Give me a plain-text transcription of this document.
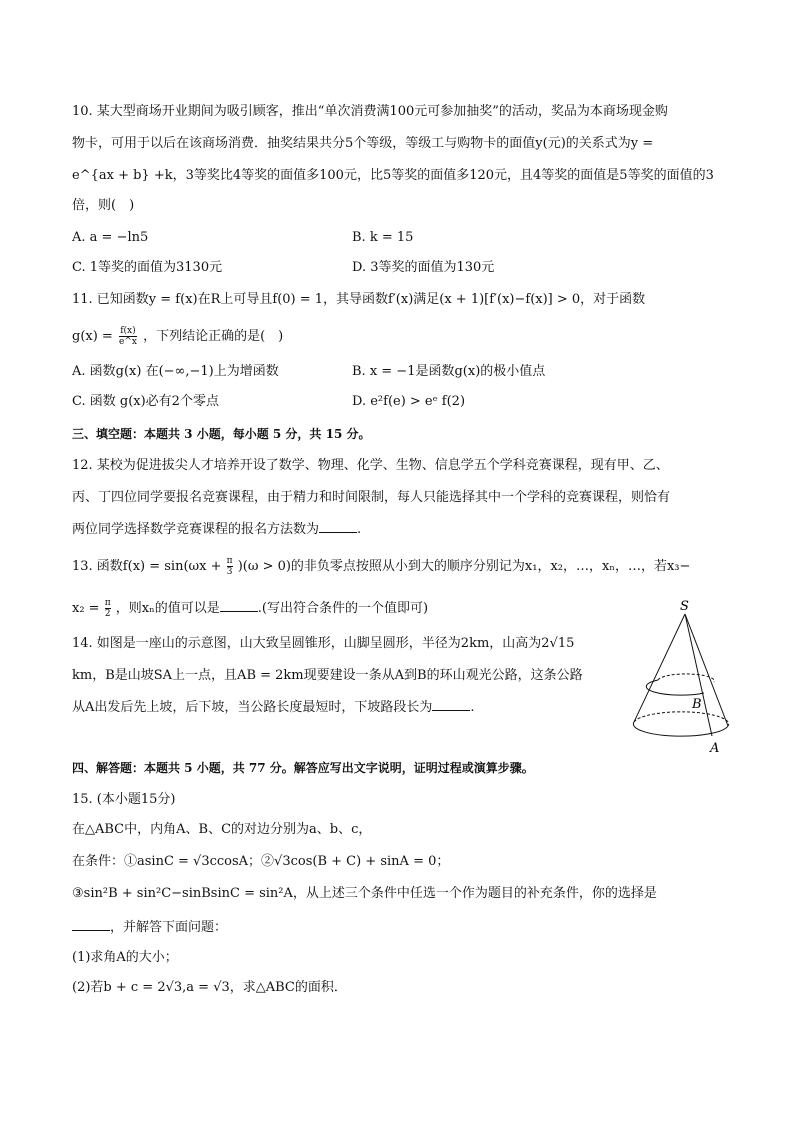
10. 某大型商场开业期间为吸引顾客，推出“单次消费满100元可参加抽奖”的活动，奖品为本商场现金购
物卡，可用于以后在该商场消费．抽奖结果共分5个等级，等级工与购物卡的面值y(元)的关系式为y =
e^{ax + b} +k，3等奖比4等奖的面值多100元，比5等奖的面值多120元，且4等奖的面值是5等奖的面值的3
倍，则(　)
A. a = −ln5	B. k = 15
C. 1等奖的面值为3130元	D. 3等奖的面值为130元
11. 已知函数y = f(x)在R上可导且f(0) = 1，其导函数f′(x)满足(x + 1)[f′(x)−f(x)] > 0，对于函数
$g(x) = \frac{f(x)}{e\^{}x}$ ，下列结论正确的是(　)
A. 函数g(x) 在(−∞,−1)上为增函数	B. x = −1是函数g(x)的极小值点
C. 函数 g(x)必有2个零点	D. e²f(e) > eᵉ f(2)
三、填空题：本题共 3 小题，每小题 5 分，共 15 分。
12. 某校为促进拔尖人才培养开设了数学、物理、化学、生物、信息学五个学科竞赛课程，现有甲、乙、
丙、丁四位同学要报名竞赛课程，由于精力和时间限制，每人只能选择其中一个学科的竞赛课程，则恰有
两位同学选择数学竞赛课程的报名方法数为	.
13. 函数$f(x) = \sin(\omega x + \frac{\pi}{3} )(\omega > 0)$的非负零点按照从小到大的顺序分别记为x₁，x₂，…，xₙ，…，若x₃−
$x_2 = \frac{\pi}{2}$ ，则xₙ的值可以是	.(写出符合条件的一个值即可)
14. 如图是一座山的示意图，山大致呈圆锥形，山脚呈圆形，半径为2km，山高为2√15
km，B是山坡SA上一点，且AB = 2km现要建设一条从A到B的环山观光公路，这条公路
从A出发后先上坡，后下坡，当公路长度最短时，下坡路段长为	.
S
B
A
四、解答题：本题共 5 小题，共 77 分。解答应写出文字说明，证明过程或演算步骤。
15. (本小题15分)
在△ABC中，内角A、B、C的对边分别为a、b、c，
在条件：①asinC = √3ccosA；②√3cos(B + C) + sinA = 0；
③sin²B + sin²C−sinBsinC = sin²A，从上述三个条件中任选一个作为题目的补充条件，你的选择是
，并解答下面问题：
(1)求角A的大小；
(2)若b + c = 2√3,a = √3，求△ABC的面积．
